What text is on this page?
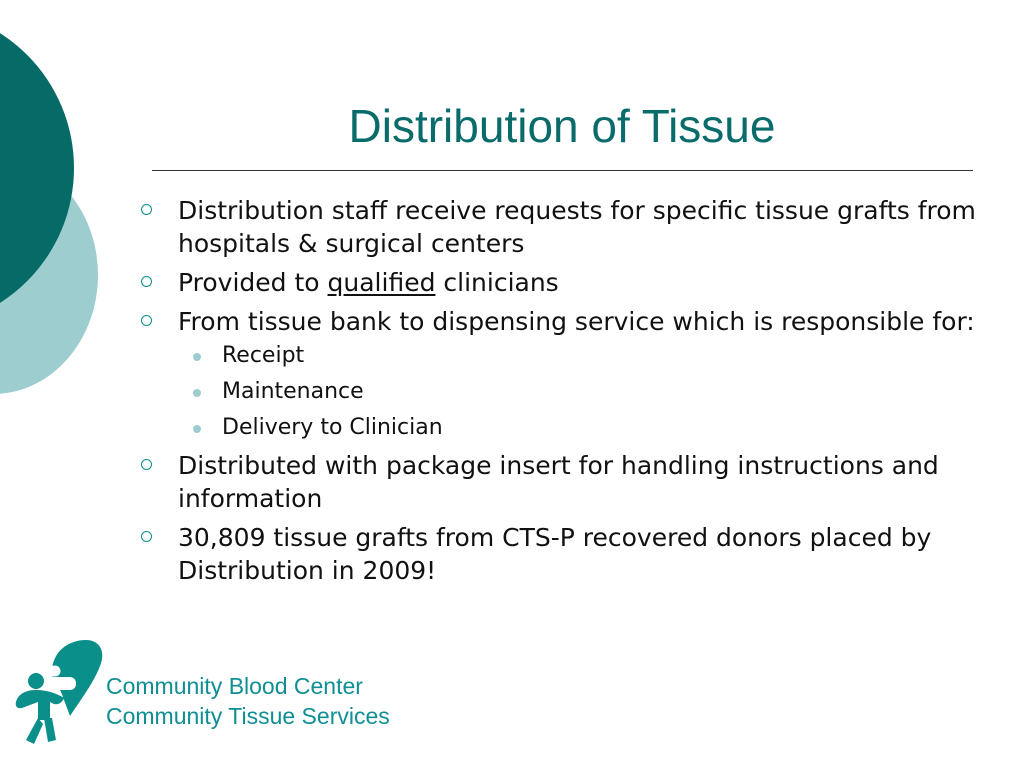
Distribution of Tissue
Distribution staff receive requests for specific tissue grafts from hospitals & surgical centers
Provided to qualified clinicians
From tissue bank to dispensing service which is responsible for:
Receipt
Maintenance
Delivery to Clinician
Distributed with package insert for handling instructions and information
30,809 tissue grafts from CTS-P recovered donors placed by Distribution in 2009!
Community Blood Center
Community Tissue Services
